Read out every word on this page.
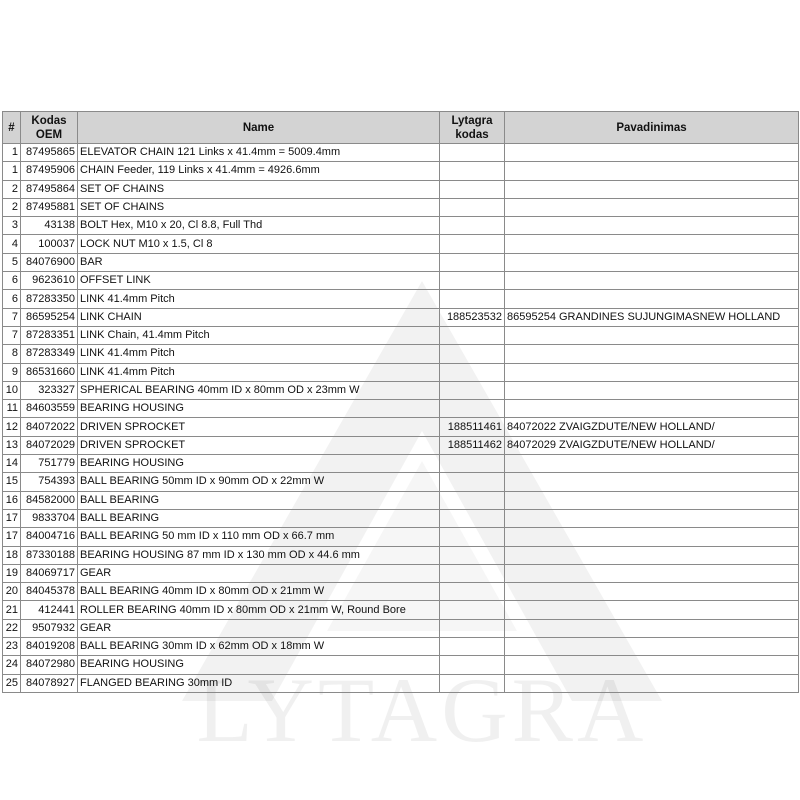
LYTAGRA
#	Kodas OEM	Name	Lytagra kodas	Pavadinimas
1	87495865	ELEVATOR CHAIN 121 Links x 41.4mm = 5009.4mm		
1	87495906	CHAIN Feeder, 119 Links x 41.4mm = 4926.6mm		
2	87495864	SET OF CHAINS		
2	87495881	SET OF CHAINS		
3	43138	BOLT Hex, M10 x 20, Cl 8.8, Full Thd		
4	100037	LOCK NUT M10 x 1.5, Cl 8		
5	84076900	BAR		
6	9623610	OFFSET LINK		
6	87283350	LINK 41.4mm Pitch		
7	86595254	LINK CHAIN	188523532	86595254 GRANDINES SUJUNGIMASNEW HOLLAND
7	87283351	LINK Chain, 41.4mm Pitch		
8	87283349	LINK 41.4mm Pitch		
9	86531660	LINK 41.4mm Pitch		
10	323327	SPHERICAL BEARING 40mm ID x 80mm OD x 23mm W		
11	84603559	BEARING HOUSING		
12	84072022	DRIVEN SPROCKET	188511461	84072022 ZVAIGZDUTE/NEW HOLLAND/
13	84072029	DRIVEN SPROCKET	188511462	84072029 ZVAIGZDUTE/NEW HOLLAND/
14	751779	BEARING HOUSING		
15	754393	BALL BEARING 50mm ID x 90mm OD x 22mm W		
16	84582000	BALL BEARING		
17	9833704	BALL BEARING		
17	84004716	BALL BEARING 50 mm ID x 110 mm OD x 66.7 mm		
18	87330188	BEARING HOUSING 87 mm ID x 130 mm OD x 44.6 mm		
19	84069717	GEAR		
20	84045378	BALL BEARING 40mm ID x 80mm OD x 21mm W		
21	412441	ROLLER BEARING 40mm ID x 80mm OD x 21mm W, Round Bore		
22	9507932	GEAR		
23	84019208	BALL BEARING 30mm ID x 62mm OD x 18mm W		
24	84072980	BEARING HOUSING		
25	84078927	FLANGED BEARING 30mm ID		
